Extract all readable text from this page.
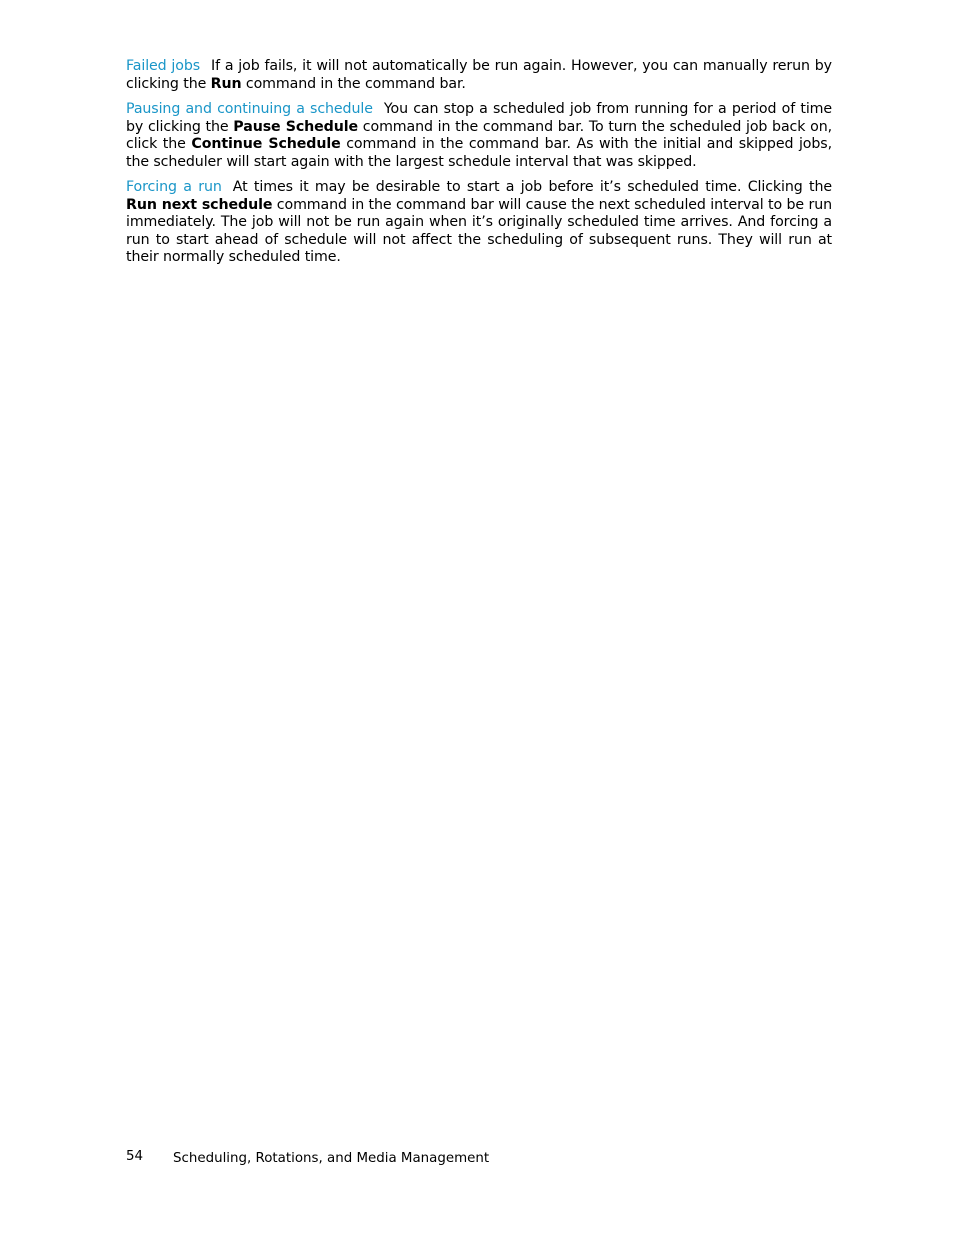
Failed jobs If a job fails, it will not automatically be run again. However, you can manually rerun by clicking the Run command in the command bar.

Pausing and continuing a schedule You can stop a scheduled job from running for a period of time by clicking the Pause Schedule command in the command bar. To turn the scheduled job back on, click the Continue Schedule command in the command bar. As with the initial and skipped jobs, the scheduler will start again with the largest schedule interval that was skipped.

Forcing a run At times it may be desirable to start a job before it’s scheduled time. Clicking the Run next schedule command in the command bar will cause the next scheduled interval to be run immediately. The job will not be run again when it’s originally scheduled time arrives. And forcing a run to start ahead of schedule will not affect the scheduling of subsequent runs. They will run at their normally scheduled time.

54 Scheduling, Rotations, and Media Management
